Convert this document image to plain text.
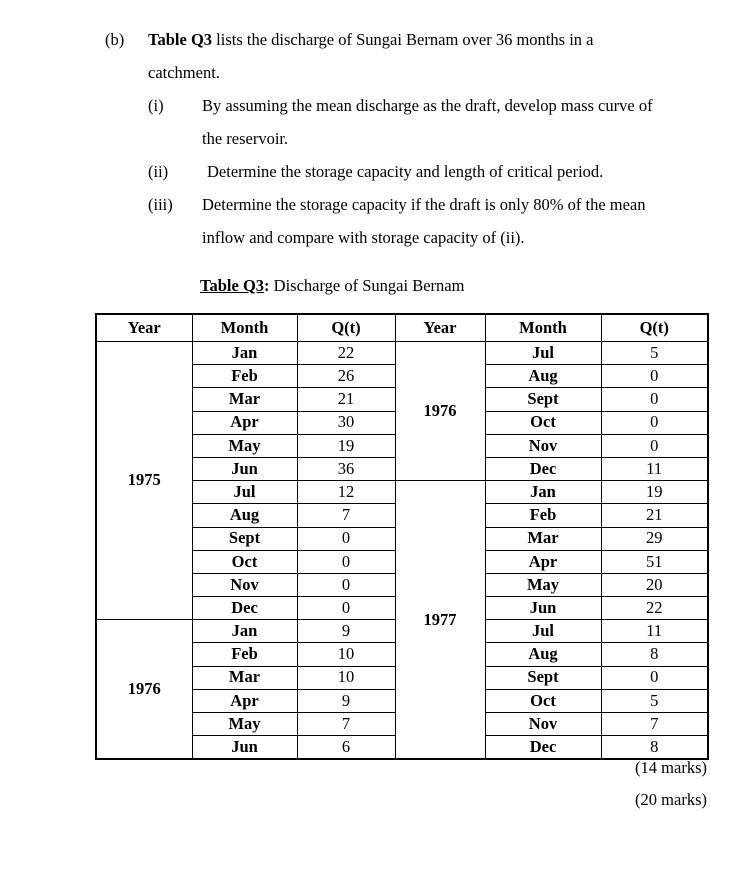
(b) Table Q3 lists the discharge of Sungai Bernam over 36 months in a
catchment.
(i) By assuming the mean discharge as the draft, develop mass curve of
the reservoir.
(ii) Determine the storage capacity and length of critical period.
(iii) Determine the storage capacity if the draft is only 80% of the mean
inflow and compare with storage capacity of (ii).
Table Q3: Discharge of Sungai Bernam
Year	Month	Q(t)	Year	Month	Q(t)
1975	Jan	22	1976	Jul	5
	Feb	26		Aug	0
	Mar	21		Sept	0
	Apr	30		Oct	0
	May	19		Nov	0
	Jun	36		Dec	11
	Jul	12	1977	Jan	19
	Aug	7		Feb	21
	Sept	0		Mar	29
	Oct	0		Apr	51
	Nov	0		May	20
	Dec	0		Jun	22
1976	Jan	9		Jul	11
	Feb	10		Aug	8
	Mar	10		Sept	0
	Apr	9		Oct	5
	May	7		Nov	7
	Jun	6		Dec	8
(14 marks)
(20 marks)
